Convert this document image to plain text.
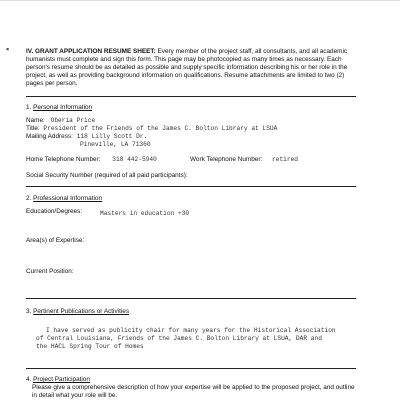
▪	IV. GRANT APPLICATION RESUME SHEET: Every member of the project staff, all consultants, and all academic
humanists must complete and sign this form. This page may be photocopied as many times as necessary. Each
person's resume should be as detailed as possible and supply specific information describing his or her role in the
project, as well as providing background information on qualifications. Resume attachments are limited to two (2)
pages per person.
1. Personal Information
Name: Oberia Price
Title: President of the Friends of the James C. Bolton Library at LSUA
Mailing Address: 118 Lilly Scott Dr.
Pineville, LA 71360
Home Telephone Number: 318 442-5940	Work Telephone Number: retired
Social Security Number (required of all paid participants):
2. Professional Information
Education/Degrees:	Masters in education +30
Area(s) of Expertise:
Current Position:
3. Pertinent Publications or Activities
I have served as publicity chair for many years for the Historical Association
of Central Louisiana, Friends of the James C. Bolton Library at LSUA, DAR and
the HACL Spring Tour of Homes
4. Project Participation
Please give a comprehensive description of how your expertise will be applied to the proposed project, and outline
in detail what your role will be.
